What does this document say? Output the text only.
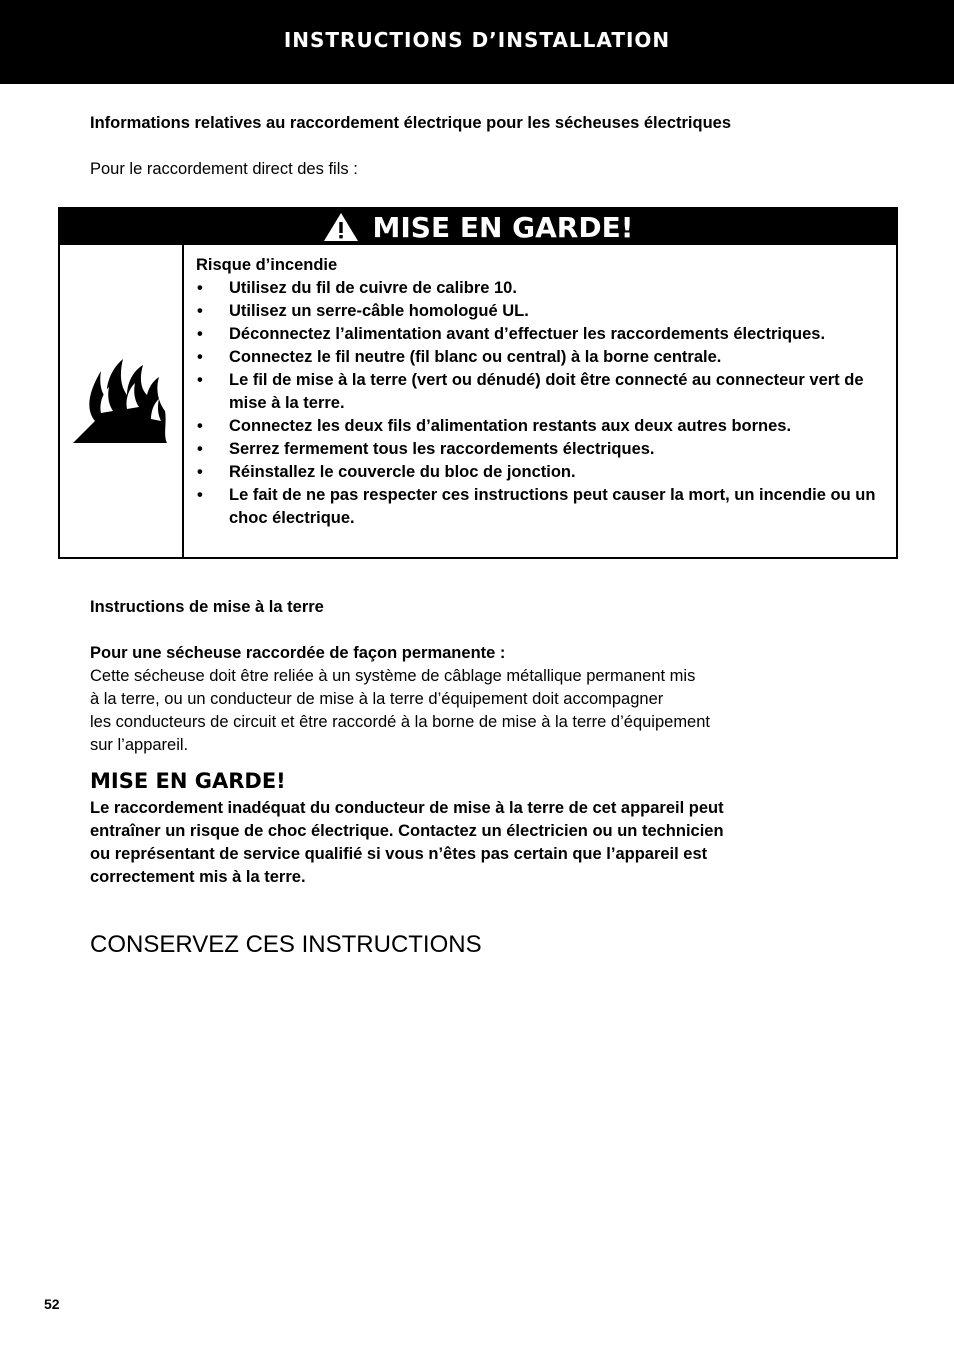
INSTRUCTIONS D’INSTALLATION
Informations relatives au raccordement électrique pour les sécheuses électriques
Pour le raccordement direct des fils :
MISE EN GARDE!
Risque d’incendie
• Utilisez du fil de cuivre de calibre 10.
• Utilisez un serre-câble homologué UL.
• Déconnectez l’alimentation avant d’effectuer les raccordements électriques.
• Connectez le fil neutre (fil blanc ou central) à la borne centrale.
• Le fil de mise à la terre (vert ou dénudé) doit être connecté au connecteur vert de mise à la terre.
• Connectez les deux fils d’alimentation restants aux deux autres bornes.
• Serrez fermement tous les raccordements électriques.
• Réinstallez le couvercle du bloc de jonction.
• Le fait de ne pas respecter ces instructions peut causer la mort, un incendie ou un choc électrique.
Instructions de mise à la terre
Pour une sécheuse raccordée de façon permanente :
Cette sécheuse doit être reliée à un système de câblage métallique permanent mis
à la terre, ou un conducteur de mise à la terre d’équipement doit accompagner
les conducteurs de circuit et être raccordé à la borne de mise à la terre d’équipement
sur l’appareil.
MISE EN GARDE!
Le raccordement inadéquat du conducteur de mise à la terre de cet appareil peut
entraîner un risque de choc électrique. Contactez un électricien ou un technicien
ou représentant de service qualifié si vous n’êtes pas certain que l’appareil est
correctement mis à la terre.
CONSERVEZ CES INSTRUCTIONS
52
